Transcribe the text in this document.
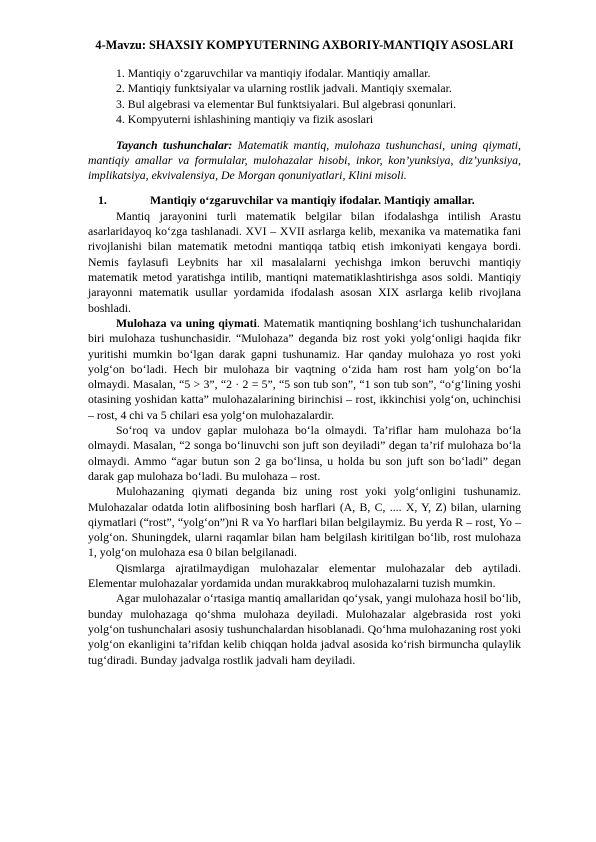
4-Mavzu: SHAXSIY KOMPYUTERNING AXBORIY-MANTIQIY ASOSLARI
1. Mantiqiy o‘zgaruvchilar va mantiqiy ifodalar. Mantiqiy amallar.
2. Mantiqiy funktsiyalar va ularning rostlik jadvali. Mantiqiy sxemalar.
3. Bul algebrasi va elementar Bul funktsiyalari. Bul algebrasi qonunlari.
4. Kompyuterni ishlashining mantiqiy va fizik asoslari

Tayanch tushunchalar: Matematik mantiq, mulohaza tushunchasi, uning qiymati, mantiqiy amallar va formulalar, mulohazalar hisobi, inkor, kon’yunksiya, diz’yunksiya, implikatsiya, ekvivalensiya, De Morgan qonuniyatlari, Klini misoli.

1.	Mantiqiy o‘zgaruvchilar va mantiqiy ifodalar. Mantiqiy amallar.

Mantiq jarayonini turli matematik belgilar bilan ifodalashga intilish Arastu asarlaridayoq ko‘zga tashlanadi. XVI – XVII asrlarga kelib, mexanika va matematika fani rivojlanishi bilan matematik metodni mantiqqa tatbiq etish imkoniyati kengaya bordi. Nemis faylasufi Leybnits har xil masalalarni yechishga imkon beruvchi mantiqiy matematik metod yaratishga intilib, mantiqni matematiklashtirishga asos soldi. Mantiqiy jarayonni matematik usullar yordamida ifodalash asosan XIX asrlarga kelib rivojlana boshladi.

Mulohaza va uning qiymati. Matematik mantiqning boshlang‘ich tushunchalaridan biri mulohaza tushunchasidir. “Mulohaza” deganda biz rost yoki yolg‘onligi haqida fikr yuritishi mumkin bo‘lgan darak gapni tushunamiz. Har qanday mulohaza yo rost yoki yolg‘on bo‘ladi. Hech bir mulohaza bir vaqtning o‘zida ham rost ham yolg‘on bo‘la olmaydi. Masalan, “5 > 3”, “2 · 2 = 5”, “5 son tub son”, “1 son tub son”, “o‘g‘lining yoshi otasining yoshidan katta” mulohazalarining birinchisi – rost, ikkinchisi yolg‘on, uchinchisi – rost, 4 chi va 5 chilari esa yolg‘on mulohazalardir.

So‘roq va undov gaplar mulohaza bo‘la olmaydi. Ta’riflar ham mulohaza bo‘la olmaydi. Masalan, “2 songa bo‘linuvchi son juft son deyiladi” degan ta’rif mulohaza bo‘la olmaydi. Ammo “agar butun son 2 ga bo‘linsa, u holda bu son juft son bo‘ladi” degan darak gap mulohaza bo‘ladi. Bu mulohaza – rost.

Mulohazaning qiymati deganda biz uning rost yoki yolg‘onligini tushunamiz. Mulohazalar odatda lotin alifbosining bosh harflari (A, B, C, .... X, Y, Z) bilan, ularning qiymatlari (“rost”, “yolg‘on”)ni R va Yo harflari bilan belgilaymiz. Bu yerda R – rost, Yo – yolg‘on. Shuningdek, ularni raqamlar bilan ham belgilash kiritilgan bo‘lib, rost mulohaza 1, yolg‘on mulohaza esa 0 bilan belgilanadi.

Qismlarga ajratilmaydigan mulohazalar elementar mulohazalar deb aytiladi. Elementar mulohazalar yordamida undan murakkabroq mulohazalarni tuzish mumkin.

Agar mulohazalar o‘rtasiga mantiq amallaridan qo‘ysak, yangi mulohaza hosil bo‘lib, bunday mulohazaga qo‘shma mulohaza deyiladi. Mulohazalar algebrasida rost yoki yolg‘on tushunchalari asosiy tushunchalardan hisoblanadi. Qo‘hma mulohazaning rost yoki yolg‘on ekanligini ta’rifdan kelib chiqqan holda jadval asosida ko‘rish birmuncha qulaylik tug‘diradi. Bunday jadvalga rostlik jadvali ham deyiladi.
